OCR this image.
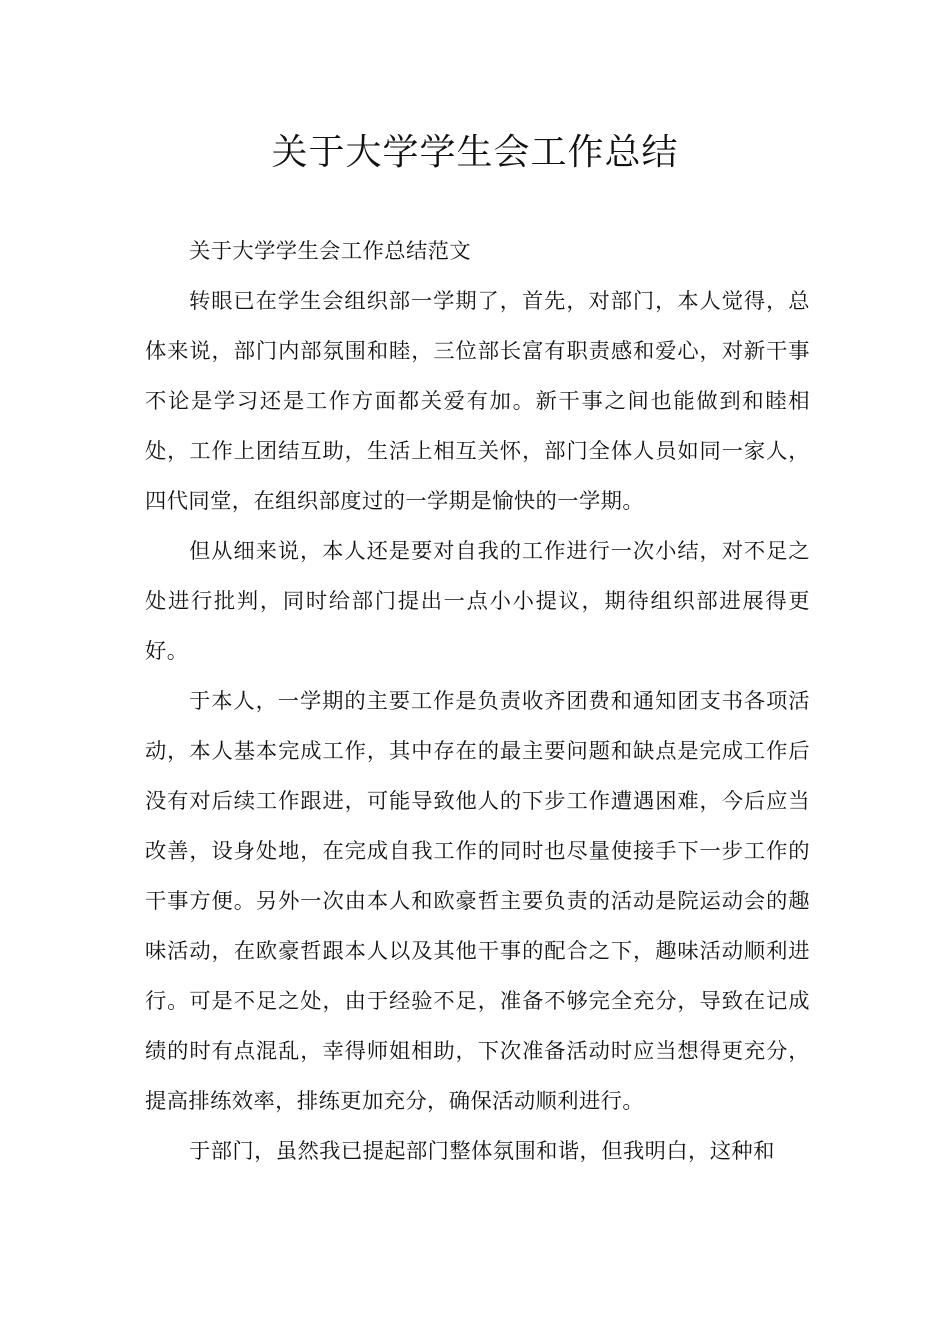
关于大学学生会工作总结

关于大学学生会工作总结范文

转眼已在学生会组织部一学期了，首先，对部门，本人觉得，总体来说，部门内部氛围和睦，三位部长富有职责感和爱心，对新干事不论是学习还是工作方面都关爱有加。新干事之间也能做到和睦相处，工作上团结互助，生活上相互关怀，部门全体人员如同一家人，四代同堂，在组织部度过的一学期是愉快的一学期。

但从细来说，本人还是要对自我的工作进行一次小结，对不足之处进行批判，同时给部门提出一点小小提议，期待组织部进展得更好。

于本人，一学期的主要工作是负责收齐团费和通知团支书各项活动，本人基本完成工作，其中存在的最主要问题和缺点是完成工作后没有对后续工作跟进，可能导致他人的下步工作遭遇困难，今后应当改善，设身处地，在完成自我工作的同时也尽量使接手下一步工作的干事方便。另外一次由本人和欧豪哲主要负责的活动是院运动会的趣味活动，在欧豪哲跟本人以及其他干事的配合之下，趣味活动顺利进行。可是不足之处，由于经验不足，准备不够完全充分，导致在记成绩的时有点混乱，幸得师姐相助，下次准备活动时应当想得更充分，提高排练效率，排练更加充分，确保活动顺利进行。

于部门，虽然我已提起部门整体氛围和谐，但我明白，这种和
